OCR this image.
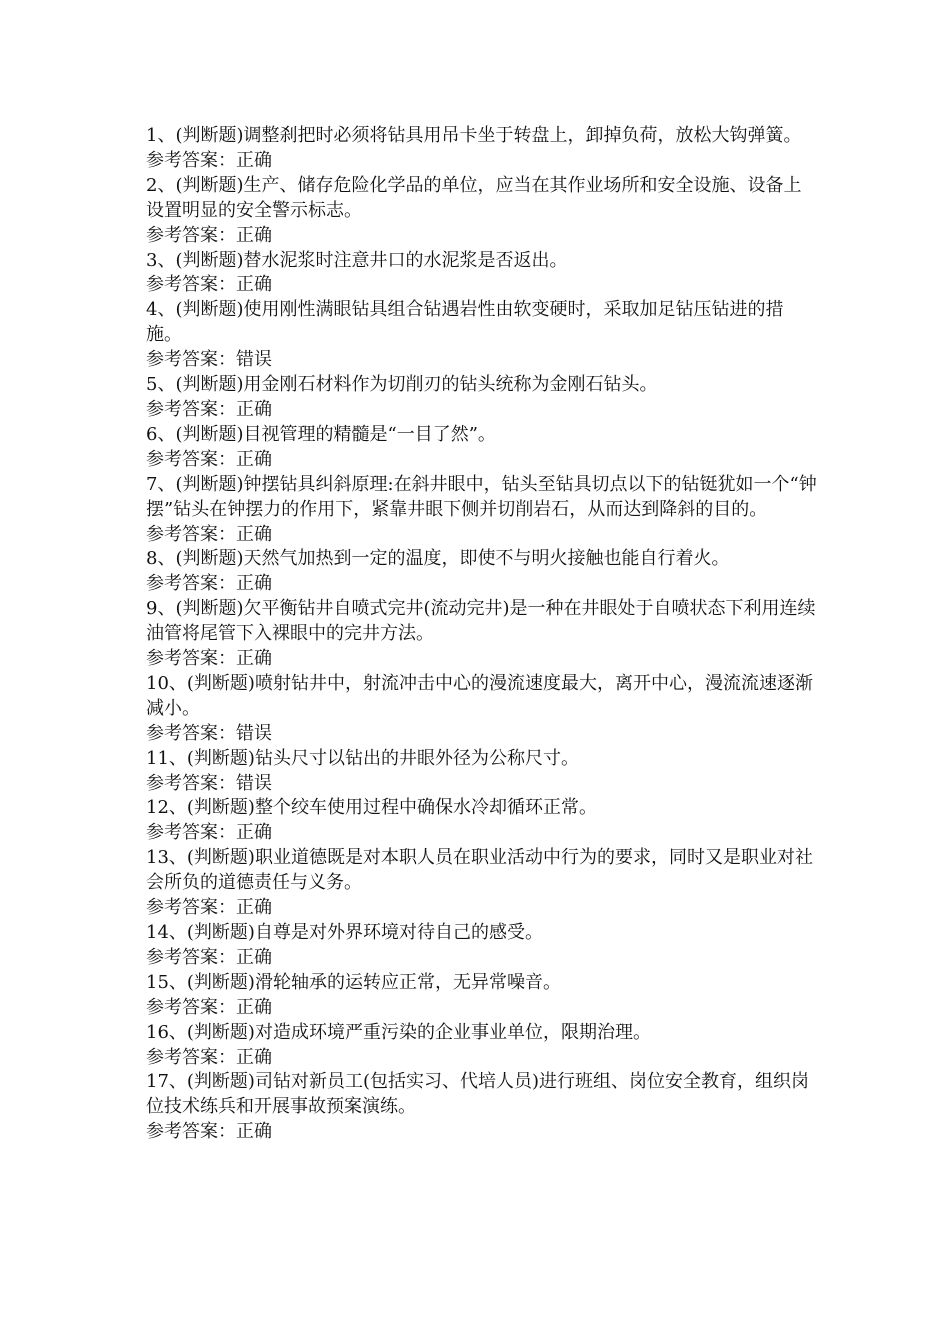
1、(判断题)调整刹把时必须将钻具用吊卡坐于转盘上，卸掉负荷，放松大钩弹簧。

参考答案：正确

2、(判断题)生产、储存危险化学品的单位，应当在其作业场所和安全设施、设备上设置明显的安全警示标志。

参考答案：正确

3、(判断题)替水泥浆时注意井口的水泥浆是否返出。

参考答案：正确

4、(判断题)使用刚性满眼钻具组合钻遇岩性由软变硬时，采取加足钻压钻进的措施。

参考答案：错误

5、(判断题)用金刚石材料作为切削刃的钻头统称为金刚石钻头。

参考答案：正确

6、(判断题)目视管理的精髓是“一目了然”。

参考答案：正确

7、(判断题)钟摆钻具纠斜原理:在斜井眼中，钻头至钻具切点以下的钻铤犹如一个“钟摆”钻头在钟摆力的作用下，紧靠井眼下侧并切削岩石，从而达到降斜的目的。

参考答案：正确

8、(判断题)天然气加热到一定的温度，即使不与明火接触也能自行着火。

参考答案：正确

9、(判断题)欠平衡钻井自喷式完井(流动完井)是一种在井眼处于自喷状态下利用连续油管将尾管下入裸眼中的完井方法。

参考答案：正确

10、(判断题)喷射钻井中，射流冲击中心的漫流速度最大，离开中心，漫流流速逐渐减小。

参考答案：错误

11、(判断题)钻头尺寸以钻出的井眼外径为公称尺寸。

参考答案：错误

12、(判断题)整个绞车使用过程中确保水冷却循环正常。

参考答案：正确

13、(判断题)职业道德既是对本职人员在职业活动中行为的要求，同时又是职业对社会所负的道德责任与义务。

参考答案：正确

14、(判断题)自尊是对外界环境对待自己的感受。

参考答案：正确

15、(判断题)滑轮轴承的运转应正常，无异常噪音。

参考答案：正确

16、(判断题)对造成环境严重污染的企业事业单位，限期治理。

参考答案：正确

17、(判断题)司钻对新员工(包括实习、代培人员)进行班组、岗位安全教育，组织岗位技术练兵和开展事故预案演练。

参考答案：正确
